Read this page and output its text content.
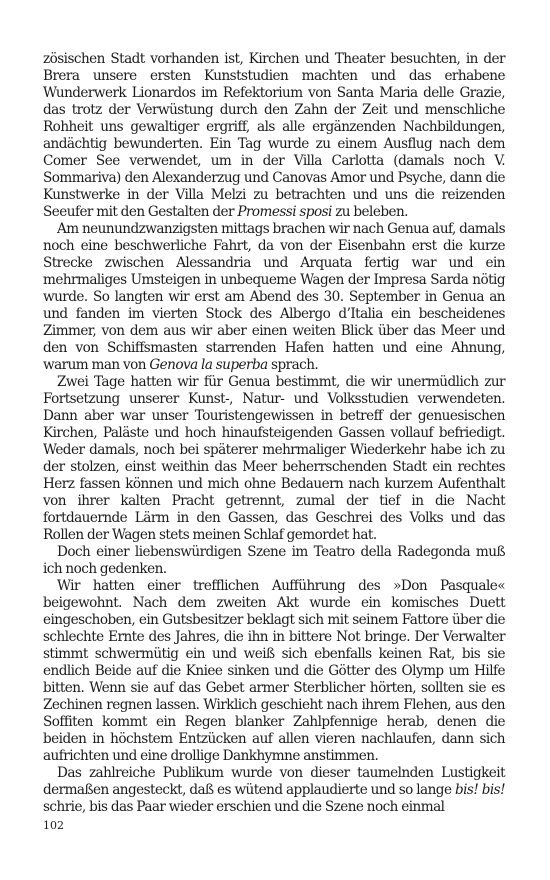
zösischen Stadt vorhanden ist, Kirchen und Theater besuchten, in der Brera unsere ersten Kunststudien machten und das erhabene Wunderwerk Lionardos im Refektorium von Santa Maria delle Grazie, das trotz der Verwüstung durch den Zahn der Zeit und menschliche Rohheit uns gewaltiger ergriff, als alle ergänzenden Nachbildungen, andächtig bewunderten. Ein Tag wurde zu einem Ausflug nach dem Comer See verwendet, um in der Villa Carlotta (damals noch V. Sommariva) den Alexanderzug und Canovas Amor und Psyche, dann die Kunstwerke in der Villa Melzi zu betrachten und uns die reizenden Seeufer mit den Gestalten der Promessi sposi zu beleben.

Am neunundzwanzigsten mittags brachen wir nach Genua auf, damals noch eine beschwerliche Fahrt, da von der Eisenbahn erst die kurze Strecke zwischen Alessandria und Arquata fertig war und ein mehrmaliges Umsteigen in unbequeme Wagen der Impresa Sarda nötig wurde. So langten wir erst am Abend des 30. September in Genua an und fanden im vierten Stock des Albergo d’Italia ein bescheidenes Zimmer, von dem aus wir aber einen weiten Blick über das Meer und den von Schiffsmasten starrenden Hafen hatten und eine Ahnung, warum man von Genova la superba sprach.

Zwei Tage hatten wir für Genua bestimmt, die wir unermüdlich zur Fortsetzung unserer Kunst-, Natur- und Volksstudien verwendeten. Dann aber war unser Touristengewissen in betreff der genuesischen Kirchen, Paläste und hoch hinaufsteigenden Gassen vollauf befriedigt. Weder damals, noch bei späterer mehrmaliger Wiederkehr habe ich zu der stolzen, einst weithin das Meer beherrschenden Stadt ein rechtes Herz fassen können und mich ohne Bedauern nach kurzem Aufenthalt von ihrer kalten Pracht getrennt, zumal der tief in die Nacht fortdauernde Lärm in den Gassen, das Geschrei des Volks und das Rollen der Wagen stets meinen Schlaf gemordet hat.

Doch einer liebenswürdigen Szene im Teatro della Radegonda muß ich noch gedenken.

Wir hatten einer trefflichen Aufführung des »Don Pasquale« beigewohnt. Nach dem zweiten Akt wurde ein komisches Duett eingeschoben, ein Gutsbesitzer beklagt sich mit seinem Fattore über die schlechte Ernte des Jahres, die ihn in bittere Not bringe. Der Verwalter stimmt schwermütig ein und weiß sich ebenfalls keinen Rat, bis sie endlich Beide auf die Kniee sinken und die Götter des Olymp um Hilfe bitten. Wenn sie auf das Gebet armer Sterblicher hörten, sollten sie es Zechinen regnen lassen. Wirklich geschieht nach ihrem Flehen, aus den Soffiten kommt ein Regen blanker Zahlpfennige herab, denen die beiden in höchstem Entzücken auf allen vieren nachlaufen, dann sich aufrichten und eine drollige Dankhymne anstimmen.

Das zahlreiche Publikum wurde von dieser taumelnden Lustigkeit dermaßen angesteckt, daß es wütend applaudierte und so lange bis! bis! schrie, bis das Paar wieder erschien und die Szene noch einmal

102
